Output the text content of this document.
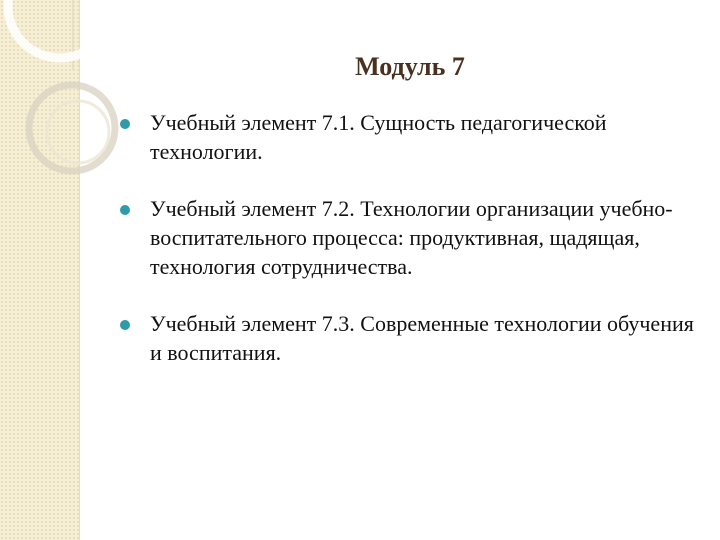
Модуль 7
Учебный элемент 7.1. Сущность педагогической технологии.
Учебный элемент 7.2. Технологии организации учебно-воспитательного процесса: продуктивная, щадящая, технология сотрудничества.
Учебный элемент 7.3. Современные технологии обучения и воспитания.
